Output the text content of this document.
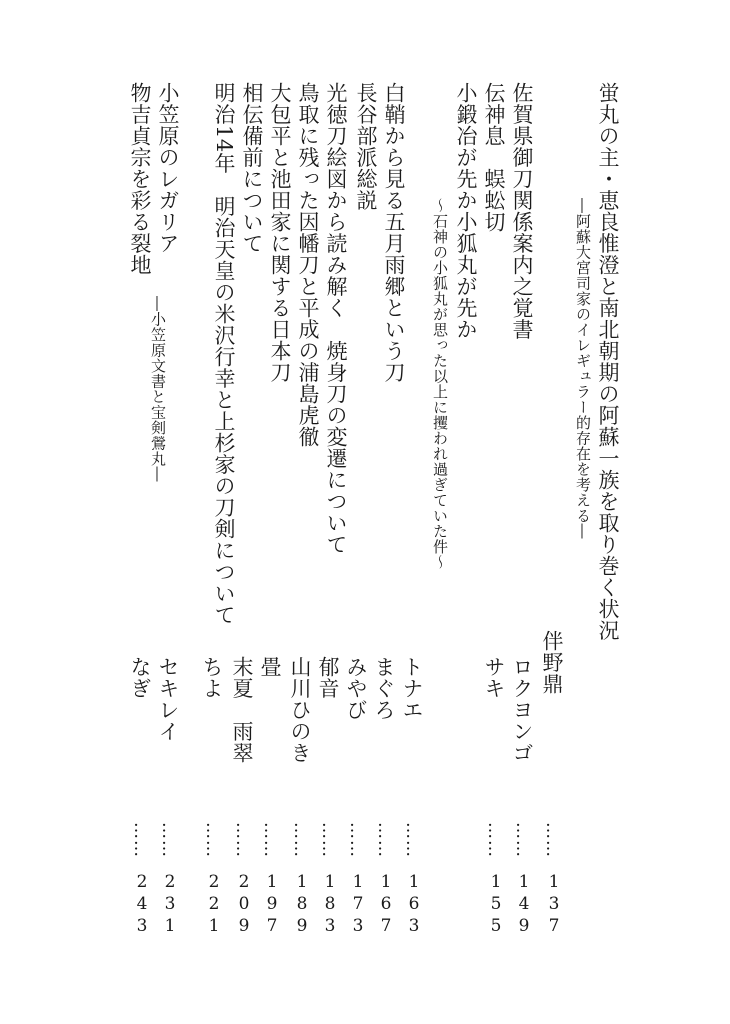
蛍丸の主・恵良惟澄と南北朝期の阿蘇一族を取り巻く状況
―阿蘇大宮司家のイレギュラー的存在を考える―
伴野鼎
……
137
佐賀県御刀関係案内之覚書
ロクヨンゴ
……
149
伝神息　蜈蚣切
小鍛冶が先か小狐丸が先か
～石神の小狐丸が思った以上に攫われ過ぎていた件～
サキ
……
155
白鞘から見る五月雨郷という刀
トナエ
……
163
長谷部派総説
まぐろ
……
167
光徳刀絵図から読み解く　焼身刀の変遷について
みやび
……
173
鳥取に残った因幡刀と平成の浦島虎徹
郁音
……
183
大包平と池田家に関する日本刀
山川ひのき
……
189
相伝備前について
畳
……
197
明治14年　明治天皇の米沢行幸と上杉家の刀剣について
末夏　雨翠
……
209
小笠原のレガリア
―小笠原文書と宝剣鶯丸―
ちよ
……
221
セキレイ
……
231
物吉貞宗を彩る裂地
なぎ
……
243
